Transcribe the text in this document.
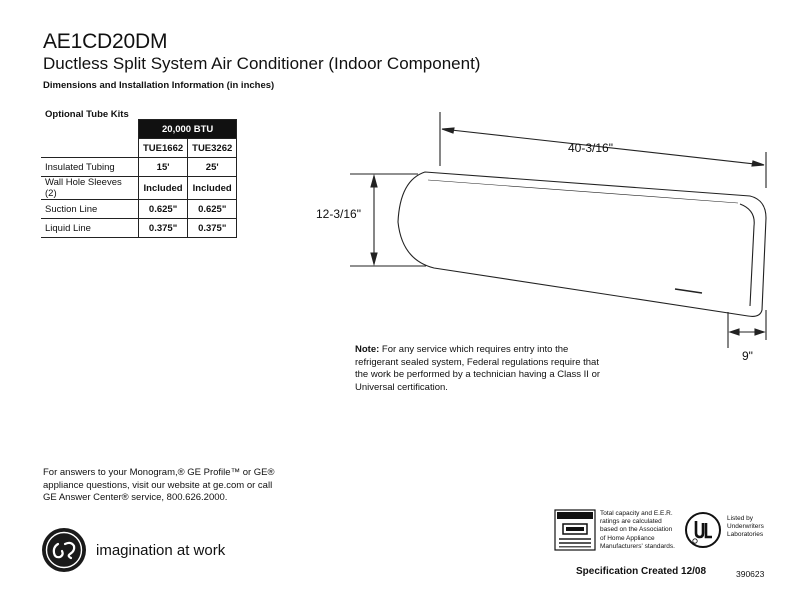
AE1CD20DM
Ductless Split System Air Conditioner (Indoor Component)
Dimensions and Installation Information (in inches)
Optional Tube Kits
	20,000 BTU	
	TUE1662	TUE3262
Insulated Tubing	15'	25'
Wall Hole Sleeves (2)	Included	Included
Suction Line	0.625"	0.625"
Liquid Line	0.375"	0.375"
40-3/16"
12-3/16"
9"
Note: For any service which requires entry into the refrigerant sealed system, Federal regulations require that the work be performed by a technician having a Class II or Universal certification.
For answers to your Monogram,® GE Profile™ or GE® appliance questions, visit our website at ge.com or call GE Answer Center® service, 800.626.2000.
imagination at work
Total capacity and E.E.R. ratings are calculated based on the Association of Home Appliance Manufacturers' standards.
Listed by Underwriters Laboratories
Specification Created 12/08	390623
